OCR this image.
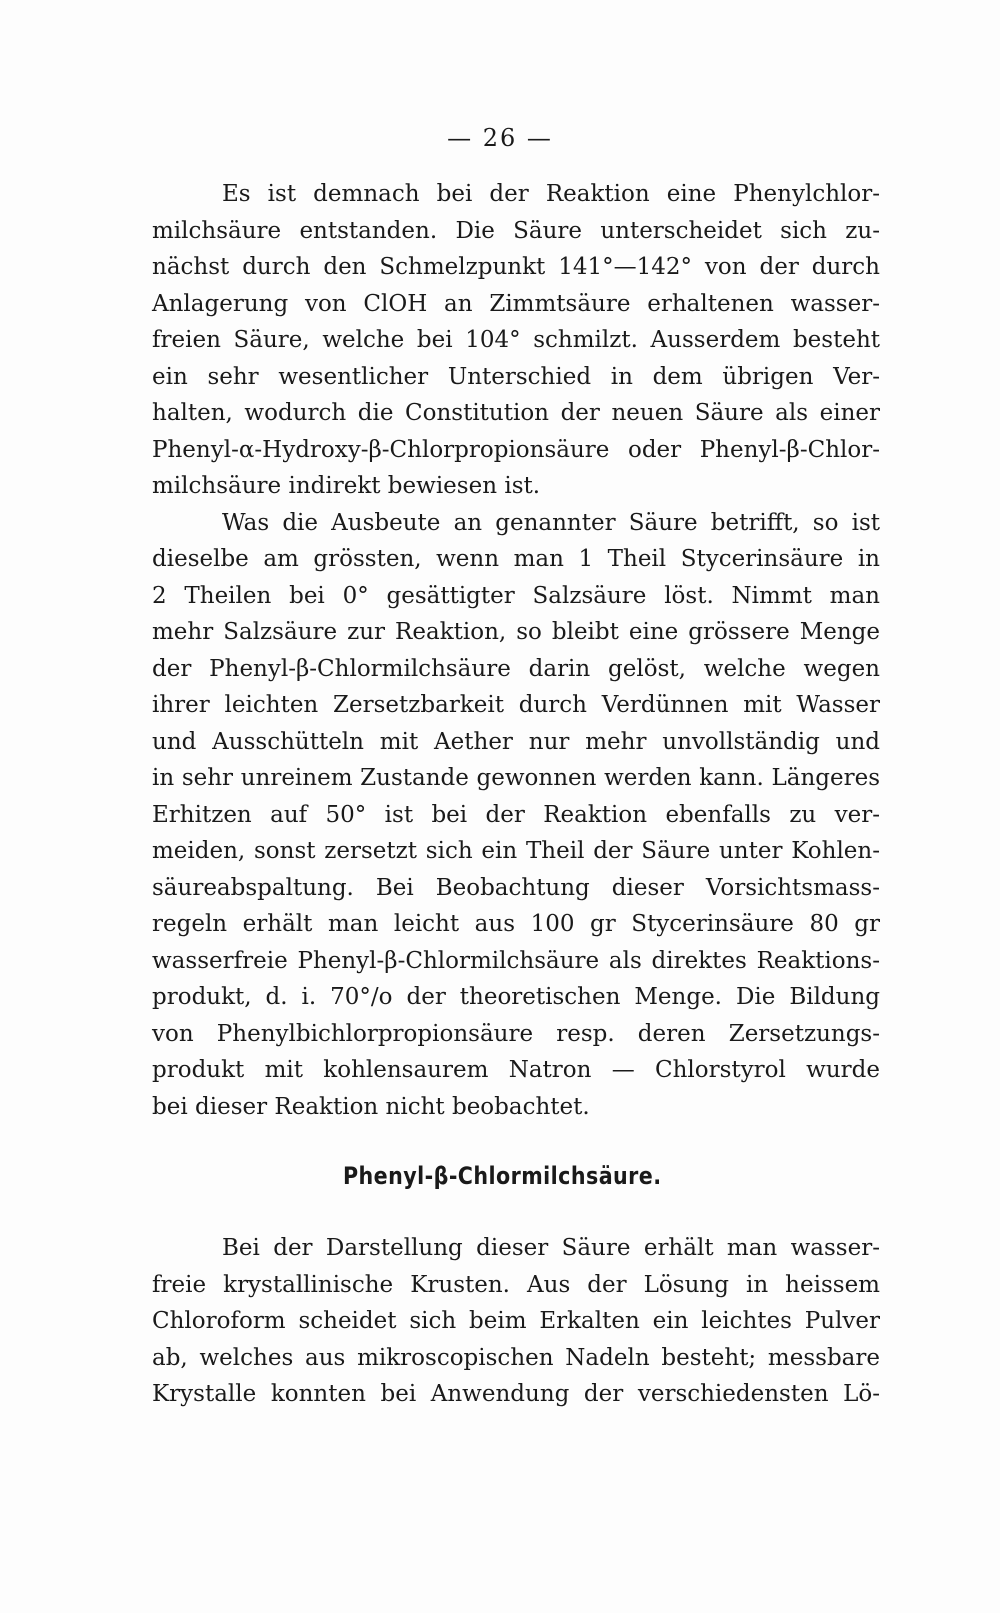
— 26 —
Es ist demnach bei der Reaktion eine Phenylchlor-
milchsäure entstanden. Die Säure unterscheidet sich zu-
nächst durch den Schmelzpunkt 141°—142° von der durch
Anlagerung von ClOH an Zimmtsäure erhaltenen wasser-
freien Säure, welche bei 104° schmilzt. Ausserdem besteht
ein sehr wesentlicher Unterschied in dem übrigen Ver-
halten, wodurch die Constitution der neuen Säure als einer
Phenyl-α-Hydroxy-β-Chlorpropionsäure oder Phenyl-β-Chlor-
milchsäure indirekt bewiesen ist.
Was die Ausbeute an genannter Säure betrifft, so ist
dieselbe am grössten, wenn man 1 Theil Stycerinsäure in
2 Theilen bei 0° gesättigter Salzsäure löst. Nimmt man
mehr Salzsäure zur Reaktion, so bleibt eine grössere Menge
der Phenyl-β-Chlormilchsäure darin gelöst, welche wegen
ihrer leichten Zersetzbarkeit durch Verdünnen mit Wasser
und Ausschütteln mit Aether nur mehr unvollständig und
in sehr unreinem Zustande gewonnen werden kann. Längeres
Erhitzen auf 50° ist bei der Reaktion ebenfalls zu ver-
meiden, sonst zersetzt sich ein Theil der Säure unter Kohlen-
säureabspaltung. Bei Beobachtung dieser Vorsichtsmass-
regeln erhält man leicht aus 100 gr Stycerinsäure 80 gr
wasserfreie Phenyl-β-Chlormilchsäure als direktes Reaktions-
produkt, d. i. 70°/o der theoretischen Menge. Die Bildung
von Phenylbichlorpropionsäure resp. deren Zersetzungs-
produkt mit kohlensaurem Natron — Chlorstyrol wurde
bei dieser Reaktion nicht beobachtet.
Phenyl-β-Chlormilchsäure.
Bei der Darstellung dieser Säure erhält man wasser-
freie krystallinische Krusten. Aus der Lösung in heissem
Chloroform scheidet sich beim Erkalten ein leichtes Pulver
ab, welches aus mikroscopischen Nadeln besteht; messbare
Krystalle konnten bei Anwendung der verschiedensten Lö-
